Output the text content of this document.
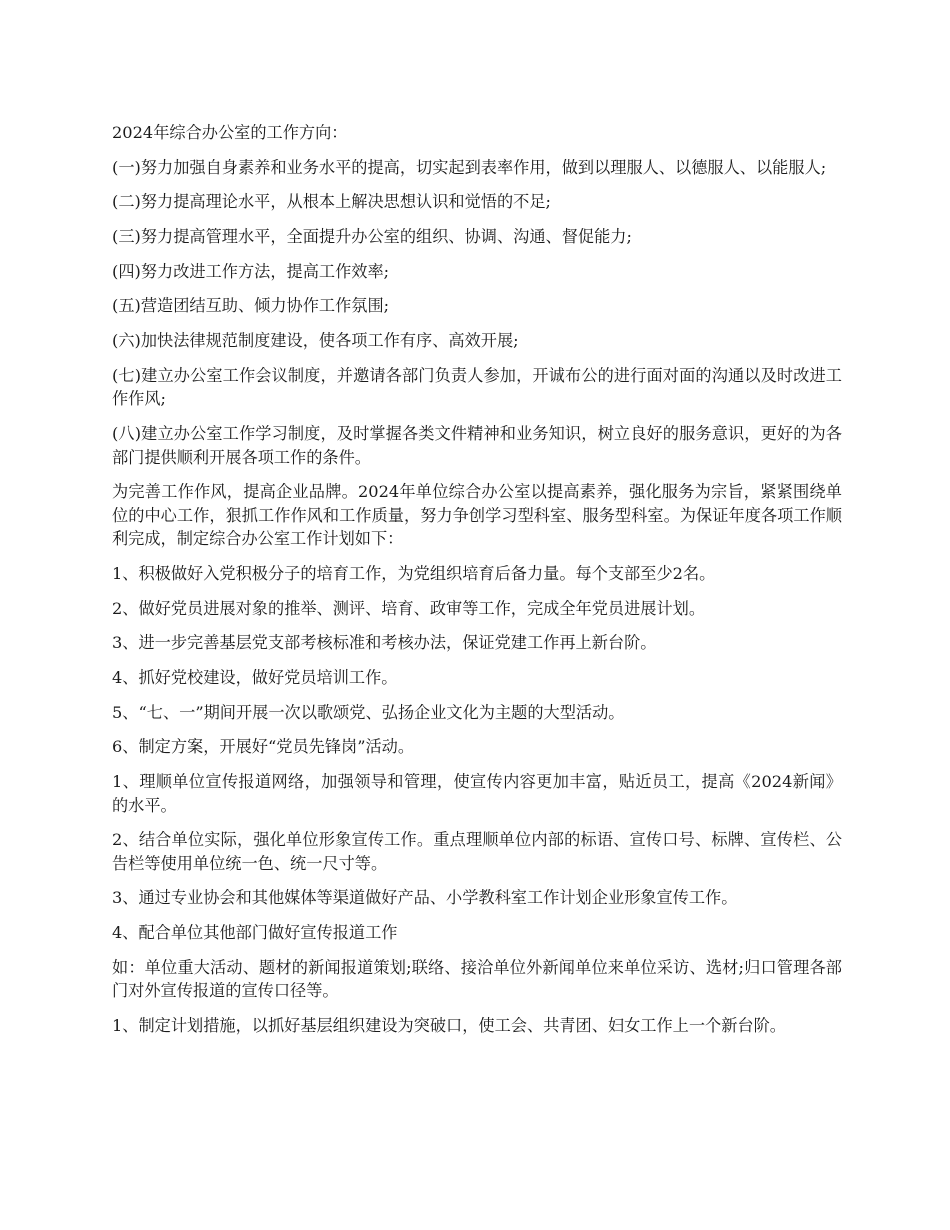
2024年综合办公室的工作方向：

(一)努力加强自身素养和业务水平的提高，切实起到表率作用，做到以理服人、以德服人、以能服人;

(二)努力提高理论水平，从根本上解决思想认识和觉悟的不足;

(三)努力提高管理水平，全面提升办公室的组织、协调、沟通、督促能力;

(四)努力改进工作方法，提高工作效率;

(五)营造团结互助、倾力协作工作氛围;

(六)加快法律规范制度建设，使各项工作有序、高效开展;

(七)建立办公室工作会议制度，并邀请各部门负责人参加，开诚布公的进行面对面的沟通以及时改进工作作风;

(八)建立办公室工作学习制度，及时掌握各类文件精神和业务知识，树立良好的服务意识，更好的为各部门提供顺利开展各项工作的条件。

为完善工作作风，提高企业品牌。2024年单位综合办公室以提高素养，强化服务为宗旨，紧紧围绕单位的中心工作，狠抓工作作风和工作质量，努力争创学习型科室、服务型科室。为保证年度各项工作顺利完成，制定综合办公室工作计划如下：

1、积极做好入党积极分子的培育工作，为党组织培育后备力量。每个支部至少2名。

2、做好党员进展对象的推举、测评、培育、政审等工作，完成全年党员进展计划。

3、进一步完善基层党支部考核标准和考核办法，保证党建工作再上新台阶。

4、抓好党校建设，做好党员培训工作。

5、“七、一”期间开展一次以歌颂党、弘扬企业文化为主题的大型活动。

6、制定方案，开展好“党员先锋岗”活动。

1、理顺单位宣传报道网络，加强领导和管理，使宣传内容更加丰富，贴近员工，提高《2024新闻》的水平。

2、结合单位实际，强化单位形象宣传工作。重点理顺单位内部的标语、宣传口号、标牌、宣传栏、公告栏等使用单位统一色、统一尺寸等。

3、通过专业协会和其他媒体等渠道做好产品、小学教科室工作计划企业形象宣传工作。

4、配合单位其他部门做好宣传报道工作

如：单位重大活动、题材的新闻报道策划;联络、接洽单位外新闻单位来单位采访、选材;归口管理各部门对外宣传报道的宣传口径等。

1、制定计划措施，以抓好基层组织建设为突破口，使工会、共青团、妇女工作上一个新台阶。
